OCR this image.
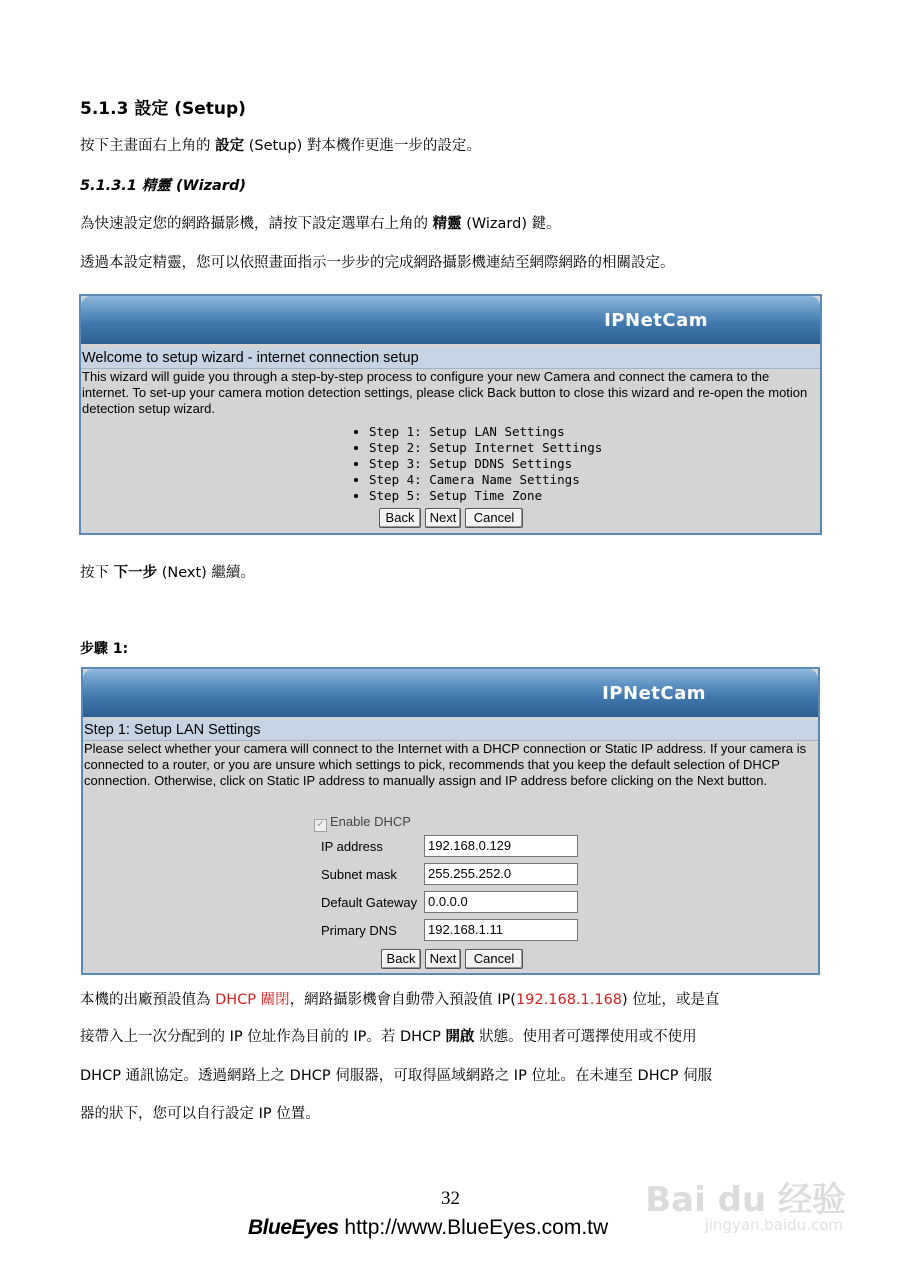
5.1.3 設定 (Setup)
按下主畫面右上角的 設定 (Setup) 對本機作更進一步的設定。
5.1.3.1 精靈 (Wizard)
為快速設定您的網路攝影機，請按下設定選單右上角的 精靈 (Wizard) 鍵。
透過本設定精靈，您可以依照畫面指示一步步的完成網路攝影機連結至網際網路的相關設定。
IPNetCam
Welcome to setup wizard - internet connection setup
This wizard will guide you through a step-by-step process to configure your new Camera and connect the camera to the internet. To set-up your camera motion detection settings, please click Back button to close this wizard and re-open the motion detection setup wizard.
• Step 1: Setup LAN Settings
• Step 2: Setup Internet Settings
• Step 3: Setup DDNS Settings
• Step 4: Camera Name Settings
• Step 5: Setup Time Zone
Back	Next	Cancel
按下 下一步 (Next) 繼續。
步驟 1:
IPNetCam
Step 1: Setup LAN Settings
Please select whether your camera will connect to the Internet with a DHCP connection or Static IP address. If your camera is connected to a router, or you are unsure which settings to pick, recommends that you keep the default selection of DHCP connection. Otherwise, click on Static IP address to manually assign and IP address before clicking on the Next button.
✓ Enable DHCP
IP address	192.168.0.129
Subnet mask	255.255.252.0
Default Gateway 0.0.0.0
Primary DNS	192.168.1.11
Back	Next	Cancel
本機的出廠預設值為 DHCP 關閉，網路攝影機會自動帶入預設值 IP(192.168.1.168) 位址，或是直
接帶入上一次分配到的 IP 位址作為目前的 IP。若 DHCP 開啟 狀態。使用者可選擇使用或不使用
DHCP 通訊協定。透過網路上之 DHCP 伺服器，可取得區域網路之 IP 位址。在未連至 DHCP 伺服
器的狀下，您可以自行設定 IP 位置。
32	Bai du 经验
jingyan.baidu.com
BlueEyes http://www.BlueEyes.com.tw
